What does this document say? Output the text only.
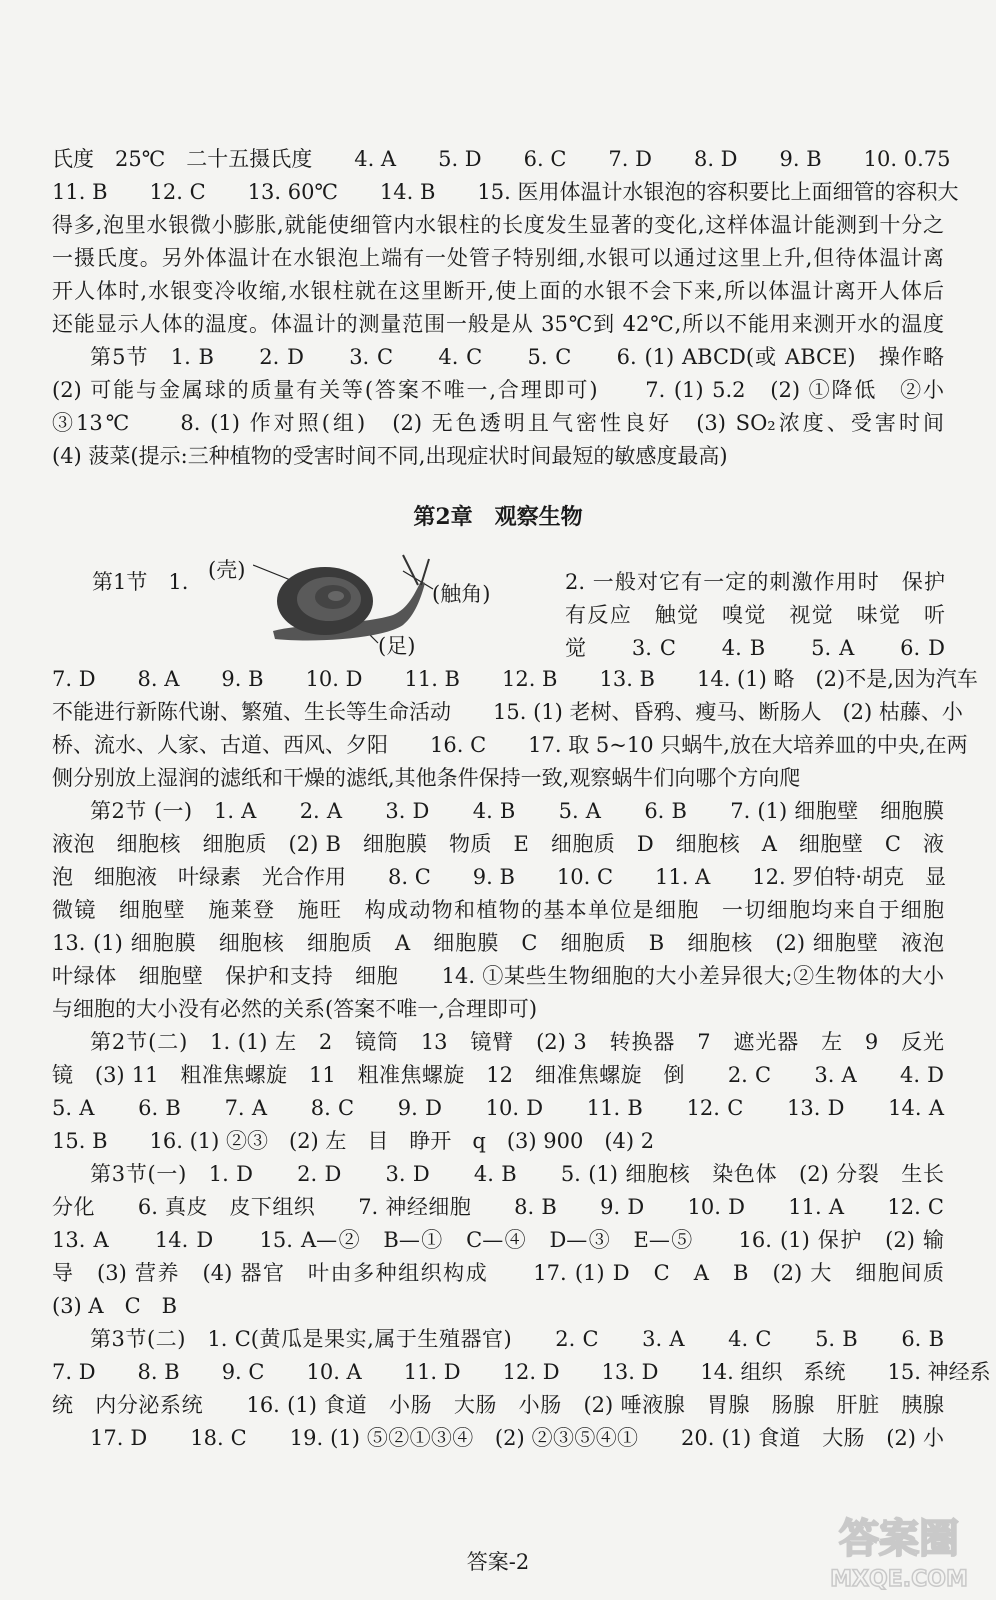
氏度　25℃　二十五摄氏度　　4. A　　5. D　　6. C　　7. D　　8. D　　9. B　　10. 0.75
11. B　　12. C　　13. 60℃　　14. B　　15. 医用体温计水银泡的容积要比上面细管的容积大
得多,泡里水银微小膨胀,就能使细管内水银柱的长度发生显著的变化,这样体温计能测到十分之
一摄氏度。另外体温计在水银泡上端有一处管子特别细,水银可以通过这里上升,但待体温计离
开人体时,水银变冷收缩,水银柱就在这里断开,使上面的水银不会下来,所以体温计离开人体后
还能显示人体的温度。体温计的测量范围一般是从 35℃到 42℃,所以不能用来测开水的温度
第5节　1. B　　2. D　　3. C　　4. C　　5. C　　6. (1) ABCD(或 ABCE)　操作略
(2) 可能与金属球的质量有关等(答案不唯一,合理即可)　　7. (1) 5.2　(2) ①降低　②小
③13℃　　8. (1) 作对照(组)　(2) 无色透明且气密性良好　(3) SO₂浓度、受害时间
(4) 菠菜(提示:三种植物的受害时间不同,出现症状时间最短的敏感度最高)
第2章　观察生物
第1节　1. (壳)
(触角)
(足)
2. 一般对它有一定的刺激作用时　保护
有反应　触觉　嗅觉　视觉　味觉　听
觉　　3. C　　4. B　　5. A　　6. D
7. D　　8. A　　9. B　　10. D　　11. B　　12. B　　13. B　　14. (1) 略　(2)不是,因为汽车
不能进行新陈代谢、繁殖、生长等生命活动　　15. (1) 老树、昏鸦、瘦马、断肠人　(2) 枯藤、小
桥、流水、人家、古道、西风、夕阳　　16. C　　17. 取 5~10 只蜗牛,放在大培养皿的中央,在两
侧分别放上湿润的滤纸和干燥的滤纸,其他条件保持一致,观察蜗牛们向哪个方向爬
第2节 (一)　1. A　　2. A　　3. D　　4. B　　5. A　　6. B　　7. (1) 细胞壁　细胞膜
液泡　细胞核　细胞质　(2) B　细胞膜　物质　E　细胞质　D　细胞核　A　细胞壁　C　液
泡　细胞液　叶绿素　光合作用　　8. C　　9. B　　10. C　　11. A　　12. 罗伯特·胡克　显
微镜　细胞壁　施莱登　施旺　构成动物和植物的基本单位是细胞　一切细胞均来自于细胞
13. (1) 细胞膜　细胞核　细胞质　A　细胞膜　C　细胞质　B　细胞核　(2) 细胞壁　液泡
叶绿体　细胞壁　保护和支持　细胞　　14. ①某些生物细胞的大小差异很大;②生物体的大小
与细胞的大小没有必然的关系(答案不唯一,合理即可)
第2节(二)　1. (1) 左　2　镜筒　13　镜臂　(2) 3　转换器　7　遮光器　左　9　反光
镜　(3) 11　粗准焦螺旋　11　粗准焦螺旋　12　细准焦螺旋　倒　　2. C　　3. A　　4. D
5. A　　6. B　　7. A　　8. C　　9. D　　10. D　　11. B　　12. C　　13. D　　14. A
15. B　　16. (1) ②③　(2) 左　目　睁开　q　(3) 900　(4) 2
第3节(一)　1. D　　2. D　　3. D　　4. B　　5. (1) 细胞核　染色体　(2) 分裂　生长
分化　　6. 真皮　皮下组织　　7. 神经细胞　　8. B　　9. D　　10. D　　11. A　　12. C
13. A　　14. D　　15. A—②　B—①　C—④　D—③　E—⑤　　16. (1) 保护　(2) 输
导　(3) 营养　(4) 器官　叶由多种组织构成　　17. (1) D　C　A　B　(2) 大　细胞间质
(3) A　C　B
第3节(二)　1. C(黄瓜是果实,属于生殖器官)　　2. C　　3. A　　4. C　　5. B　　6. B
7. D　　8. B　　9. C　　10. A　　11. D　　12. D　　13. D　　14. 组织　系统　　15. 神经系
统　内分泌系统　　16. (1) 食道　小肠　大肠　小肠　(2) 唾液腺　胃腺　肠腺　肝脏　胰腺
17. D　　18. C　　19. (1) ⑤②①③④　(2) ②③⑤④①　　20. (1) 食道　大肠　(2) 小
答案-2	答案圈
MXQE.COM
